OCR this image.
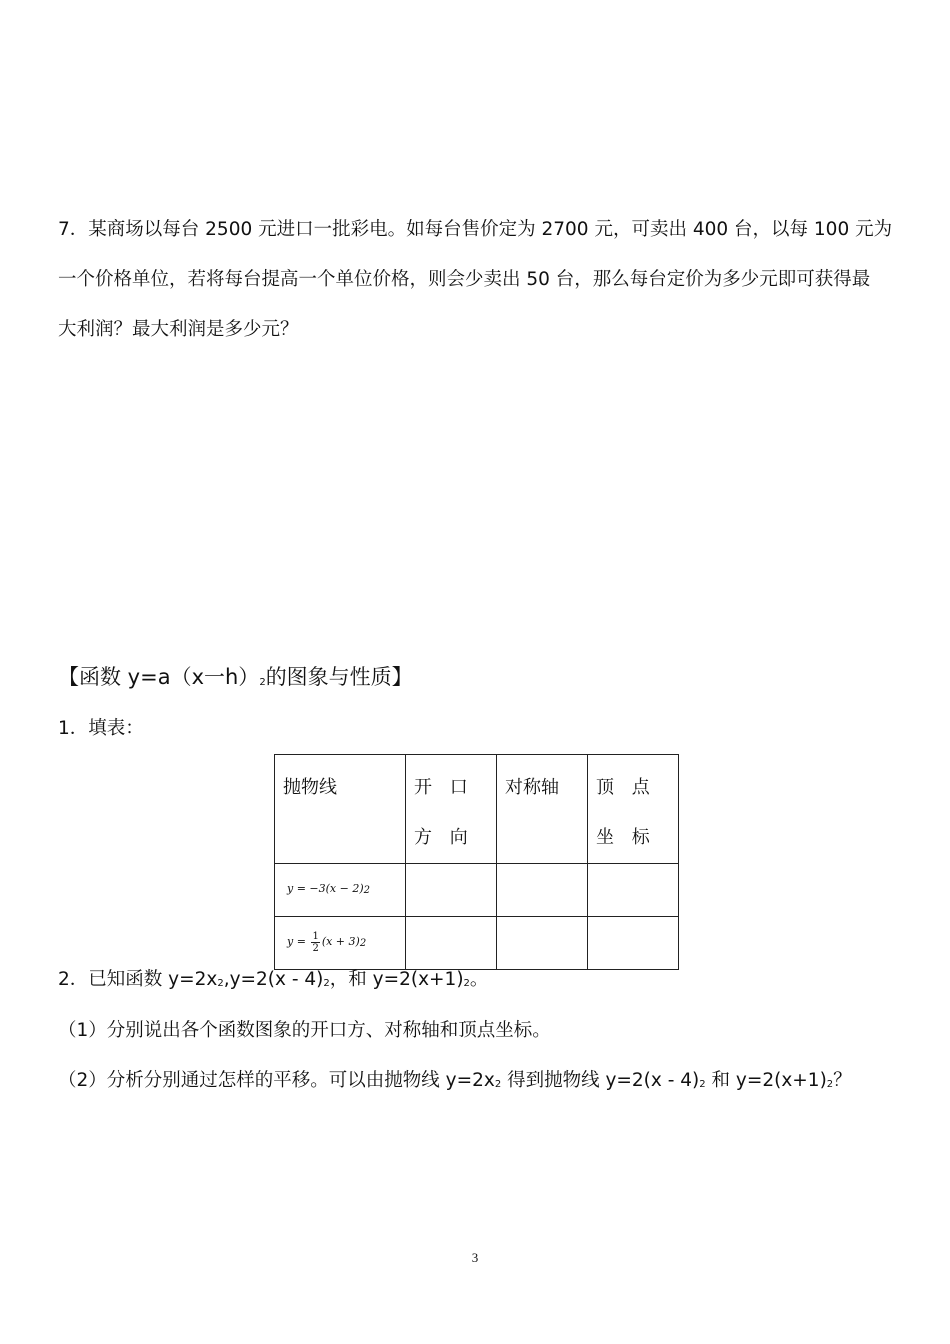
7．某商场以每台 2500 元进口一批彩电。如每台售价定为 2700 元，可卖出 400 台，以每 100 元为
一个价格单位，若将每台提高一个单位价格，则会少卖出 50 台，那么每台定价为多少元即可获得最
大利润？最大利润是多少元？
【函数 y=a（x一$h)_2$的图象与性质】
1．填表：
抛物线	开 口 方 向	对称轴	顶 点 坐 标

$y = -3(x - 2)_2$

$y = \frac{1}{2} (x + 3)_2$

2．已知函数 $y=2x_2,y=2(x - 4)_2$，和 $y=2(x+1)_2$。
（1）分别说出各个函数图象的开口方、对称轴和顶点坐标。
（2）分析分别通过怎样的平移。可以由抛物线 $y=2x_2$ 得到抛物线 $y=2(x - 4)_2$ 和 $y=2(x+1)_2$？
3
